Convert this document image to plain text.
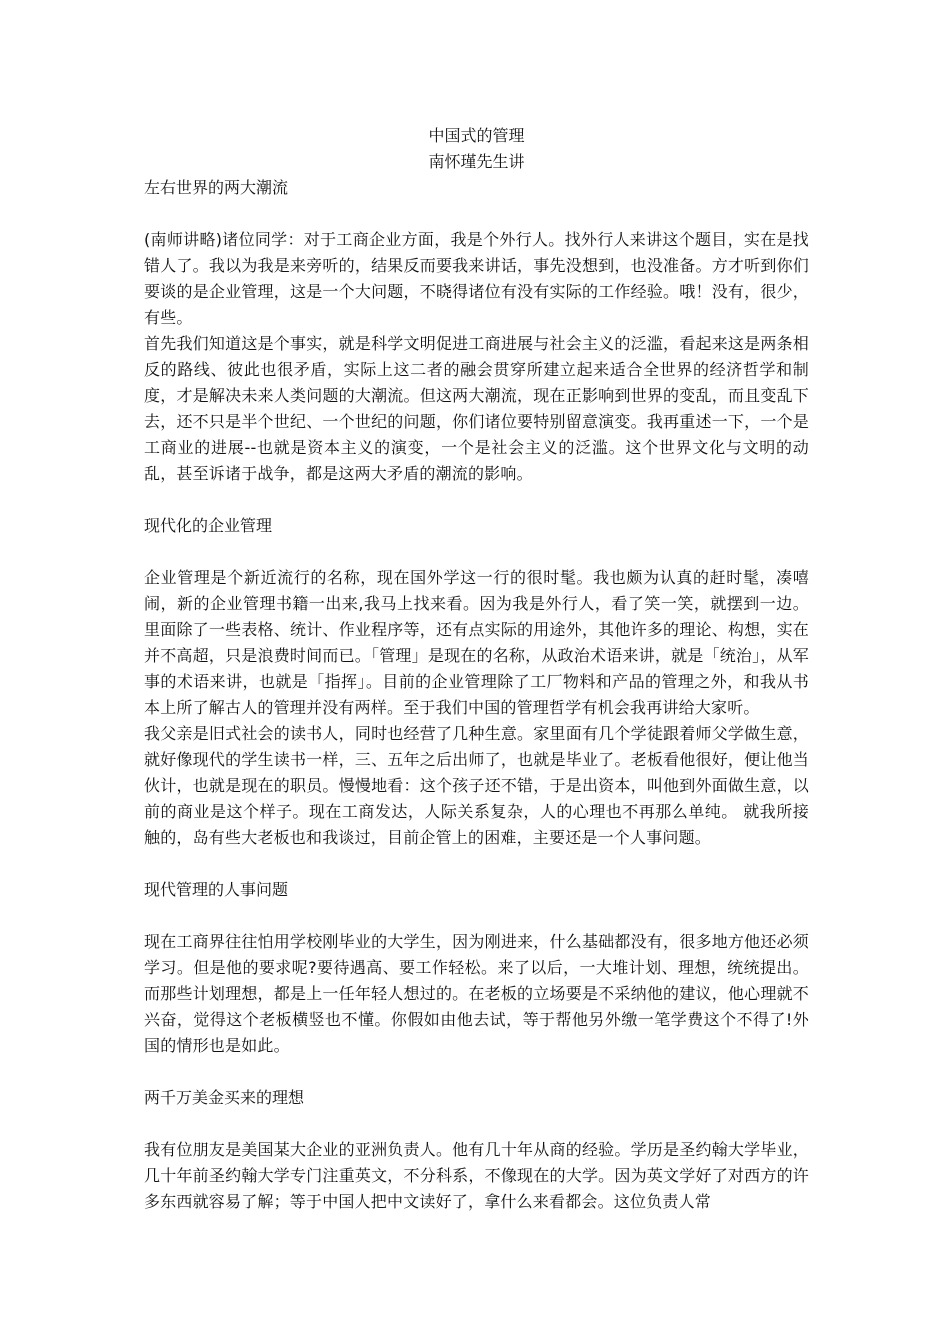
中国式的管理

南怀瑾先生讲

左右世界的两大潮流

(南师讲略)诸位同学：对于工商企业方面，我是个外行人。找外行人来讲这个题目，实在是找错人了。我以为我是来旁听的，结果反而要我来讲话，事先没想到，也没准备。方才听到你们要谈的是企业管理，这是一个大问题，不晓得诸位有没有实际的工作经验。哦！没有，很少，有些。

首先我们知道这是个事实，就是科学文明促进工商进展与社会主义的泛滥，看起来这是两条相反的路线、彼此也很矛盾，实际上这二者的融会贯穿所建立起来适合全世界的经济哲学和制度，才是解决未来人类问题的大潮流。但这两大潮流，现在正影响到世界的变乱，而且变乱下去，还不只是半个世纪、一个世纪的问题，你们诸位要特别留意演变。我再重述一下，一个是工商业的进展--也就是资本主义的演变，一个是社会主义的泛滥。这个世界文化与文明的动乱，甚至诉诸于战争，都是这两大矛盾的潮流的影响。

现代化的企业管理

企业管理是个新近流行的名称，现在国外学这一行的很时髦。我也颇为认真的赶时髦，凑嘻闹，新的企业管理书籍一出来,我马上找来看。因为我是外行人，看了笑一笑，就摆到一边。里面除了一些表格、统计、作业程序等，还有点实际的用途外，其他许多的理论、构想，实在并不高超，只是浪费时间而已。「管理」是现在的名称，从政治术语来讲，就是「统治」，从军事的术语来讲，也就是「指挥」。目前的企业管理除了工厂物料和产品的管理之外，和我从书本上所了解古人的管理并没有两样。至于我们中国的管理哲学有机会我再讲给大家听。

我父亲是旧式社会的读书人，同时也经营了几种生意。家里面有几个学徒跟着师父学做生意，就好像现代的学生读书一样，三、五年之后出师了，也就是毕业了。老板看他很好，便让他当伙计，也就是现在的职员。慢慢地看：这个孩子还不错，于是出资本，叫他到外面做生意，以前的商业是这个样子。现在工商发达，人际关系复杂，人的心理也不再那么单纯。 就我所接触的，岛有些大老板也和我谈过，目前企管上的困难，主要还是一个人事问题。

现代管理的人事问题

现在工商界往往怕用学校刚毕业的大学生，因为刚进来，什么基础都没有，很多地方他还必须学习。但是他的要求呢?要待遇高、要工作轻松。来了以后，一大堆计划、理想，统统提出。而那些计划理想，都是上一任年轻人想过的。在老板的立场要是不采纳他的建议，他心理就不兴奋，觉得这个老板横竖也不懂。你假如由他去试，等于帮他另外缴一笔学费这个不得了!外国的情形也是如此。

两千万美金买来的理想

我有位朋友是美国某大企业的亚洲负责人。他有几十年从商的经验。学历是圣约翰大学毕业，几十年前圣约翰大学专门注重英文，不分科系，不像现在的大学。因为英文学好了对西方的许多东西就容易了解；等于中国人把中文读好了，拿什么来看都会。这位负责人常
